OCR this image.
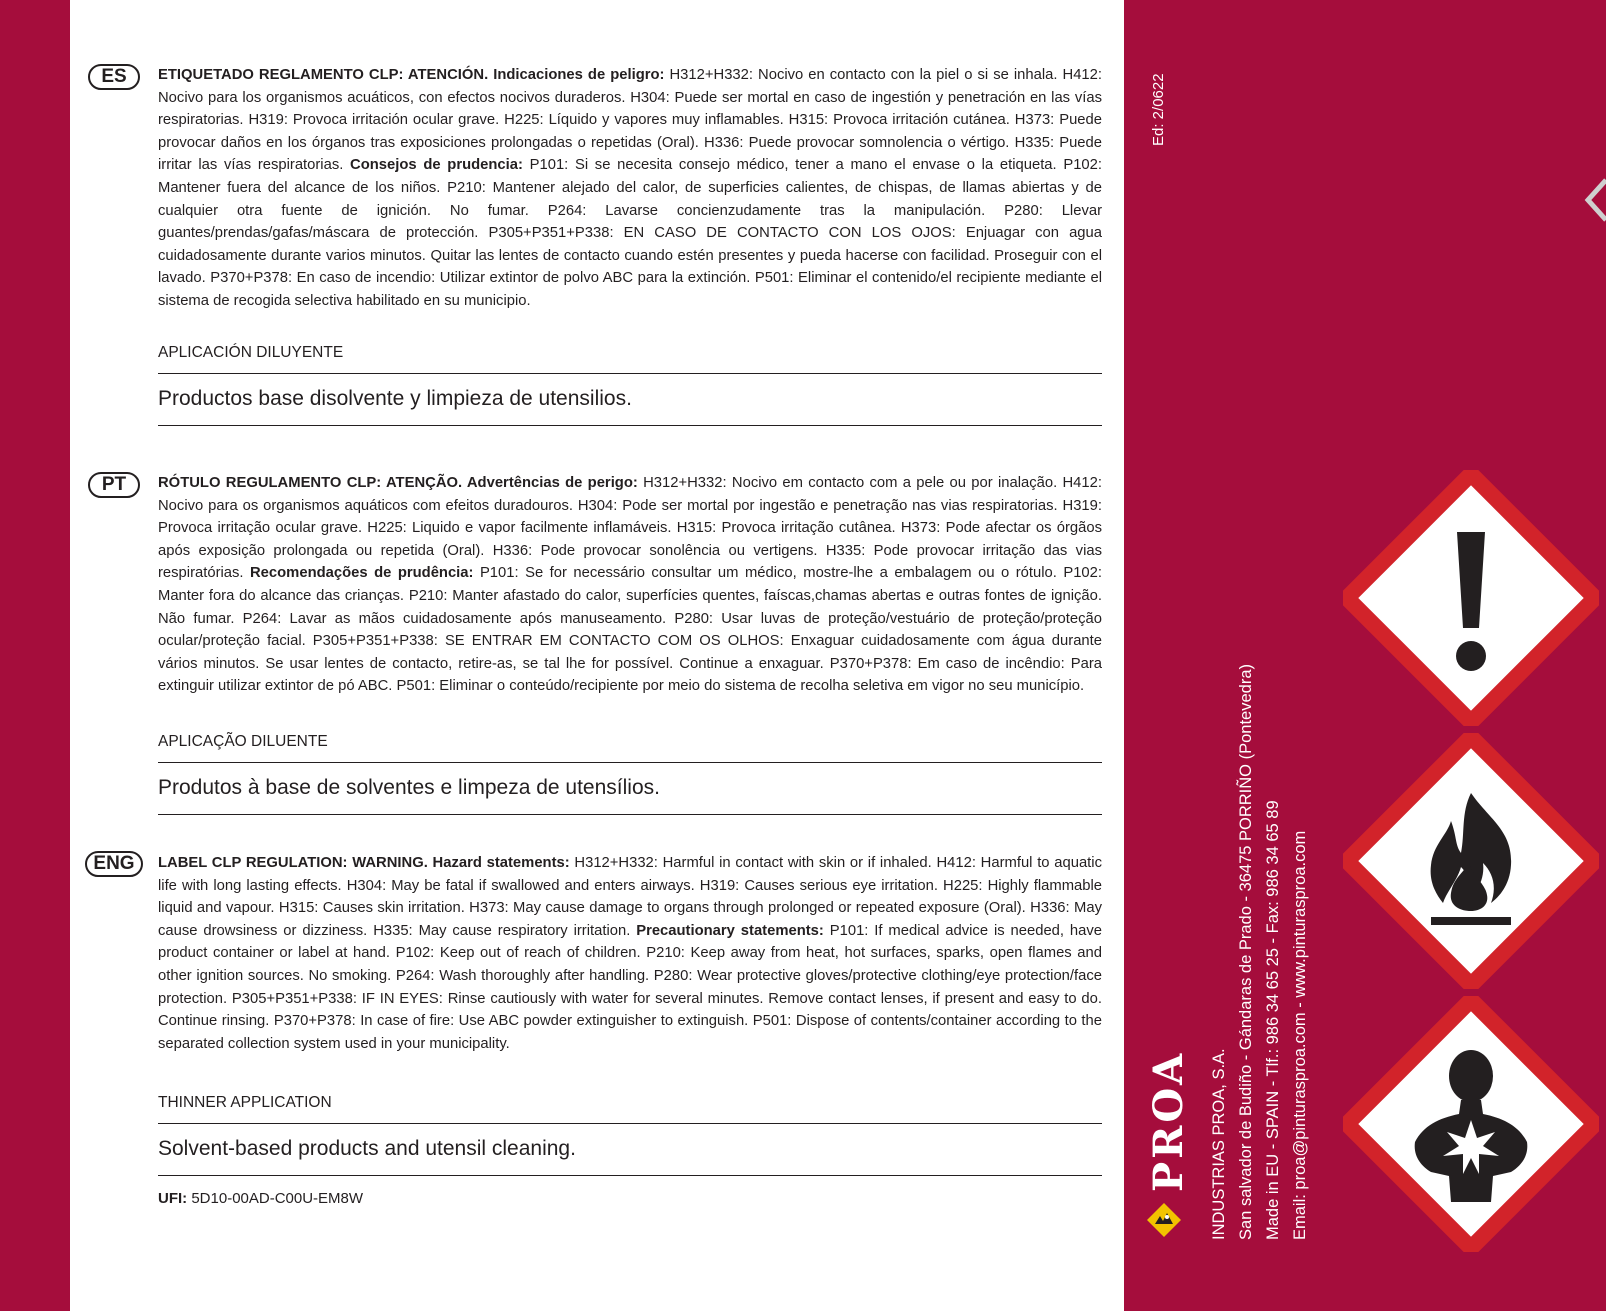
ES	ETIQUETADO REGLAMENTO CLP: ATENCIÓN. Indicaciones de peligro: H312+H332: Nocivo en contacto con la piel o si se inhala. H412: Nocivo para los organismos acuáticos, con efectos nocivos duraderos. H304: Puede ser mortal en caso de ingestión y penetración en las vías respiratorias. H319: Provoca irritación ocular grave. H225: Líquido y vapores muy inflamables. H315: Provoca irritación cutánea. H373: Puede provocar daños en los órganos tras exposiciones prolongadas o repetidas (Oral). H336: Puede provocar somnolencia o vértigo. H335: Puede irritar las vías respiratorias. Consejos de prudencia: P101: Si se necesita consejo médico, tener a mano el envase o la etiqueta. P102: Mantener fuera del alcance de los niños. P210: Mantener alejado del calor, de superficies calientes, de chispas, de llamas abiertas y de cualquier otra fuente de ignición. No fumar. P264: Lavarse concienzudamente tras la manipulación. P280: Llevar guantes/prendas/gafas/máscara de protección. P305+P351+P338: EN CASO DE CONTACTO CON LOS OJOS: Enjuagar con agua cuidadosamente durante varios minutos. Quitar las lentes de contacto cuando estén presentes y pueda hacerse con facilidad. Proseguir con el lavado. P370+P378: En caso de incendio: Utilizar extintor de polvo ABC para la extinción. P501: Eliminar el contenido/el recipiente mediante el sistema de recogida selectiva habilitado en su municipio.

APLICACIÓN DILUYENTE
Productos base disolvente y limpieza de utensilios.
PT	RÓTULO REGULAMENTO CLP: ATENÇÃO. Advertências de perigo: H312+H332: Nocivo em contacto com a pele ou por inalação. H412: Nocivo para os organismos aquáticos com efeitos duradouros. H304: Pode ser mortal por ingestão e penetração nas vias respiratorias. H319: Provoca irritação ocular grave. H225: Liquido e vapor facilmente inflamáveis. H315: Provoca irritação cutânea. H373: Pode afectar os órgãos após exposição prolongada ou repetida (Oral). H336: Pode provocar sonolência ou vertigens. H335: Pode provocar irritação das vias respiratórias. Recomendações de prudência: P101: Se for necessário consultar um médico, mostre-lhe a embalagem ou o rótulo. P102: Manter fora do alcance das crianças. P210: Manter afastado do calor, superfícies quentes, faíscas,chamas abertas e outras fontes de ignição. Não fumar. P264: Lavar as mãos cuidadosamente após manuseamento. P280: Usar luvas de proteção/vestuário de proteção/proteção ocular/proteção facial. P305+P351+P338: SE ENTRAR EM CONTACTO COM OS OLHOS: Enxaguar cuidadosamente com água durante vários minutos. Se usar lentes de contacto, retire-as, se tal lhe for possível. Continue a enxaguar. P370+P378: Em caso de incêndio: Para extinguir utilizar extintor de pó ABC. P501: Eliminar o conteúdo/recipiente por meio do sistema de recolha seletiva em vigor no seu município.

APLICAÇÃO DILUENTE
Produtos à base de solventes e limpeza de utensílios.
ENG	LABEL CLP REGULATION: WARNING. Hazard statements: H312+H332: Harmful in contact with skin or if inhaled. H412: Harmful to aquatic life with long lasting effects. H304: May be fatal if swallowed and enters airways. H319: Causes serious eye irritation. H225: Highly flammable liquid and vapour. H315: Causes skin irritation. H373: May cause damage to organs through prolonged or repeated exposure (Oral). H336: May cause drowsiness or dizziness. H335: May cause respiratory irritation. Precautionary statements: P101: If medical advice is needed, have product container or label at hand. P102: Keep out of reach of children. P210: Keep away from heat, hot surfaces, sparks, open flames and other ignition sources. No smoking. P264: Wash thoroughly after handling. P280: Wear protective gloves/protective clothing/eye protection/face protection. P305+P351+P338: IF IN EYES: Rinse cautiously with water for several minutes. Remove contact lenses, if present and easy to do. Continue rinsing. P370+P378: In case of fire: Use ABC powder extinguisher to extinguish. P501: Dispose of contents/container according to the separated collection system used in your municipality.

THINNER APPLICATION
Solvent-based products and utensil cleaning.
UFI: 5D10-00AD-C00U-EM8W
Ed: 2/0622
PROA INDUSTRIAS PROA, S.A. San salvador de Budiño - Gándaras de Prado - 36475 PORRIÑO (Pontevedra) Made in EU - SPAIN - Tlf.: 986 34 65 25 - Fax: 986 34 65 89 Email: proa@pinturasproa.com - www.pinturasproa.com
